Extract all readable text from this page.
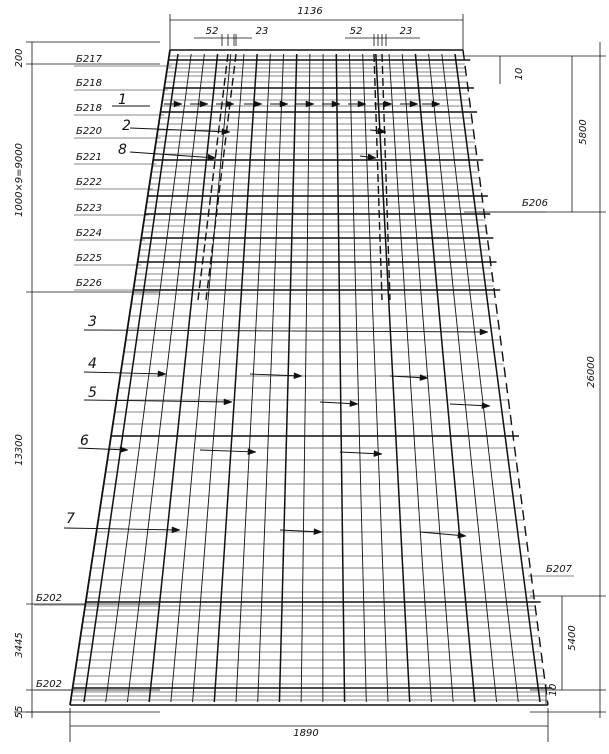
1136
52	23	52	23
200
1000×9=9000
13300
3445
55
10
5800
26000
5400
10
1890
Б217
Б218
Б218
Б220
Б221
Б222
Б223
Б224
Б225
Б226
Б202
Б202
Б206
Б207
1
2
8
3
4
5
6
7
